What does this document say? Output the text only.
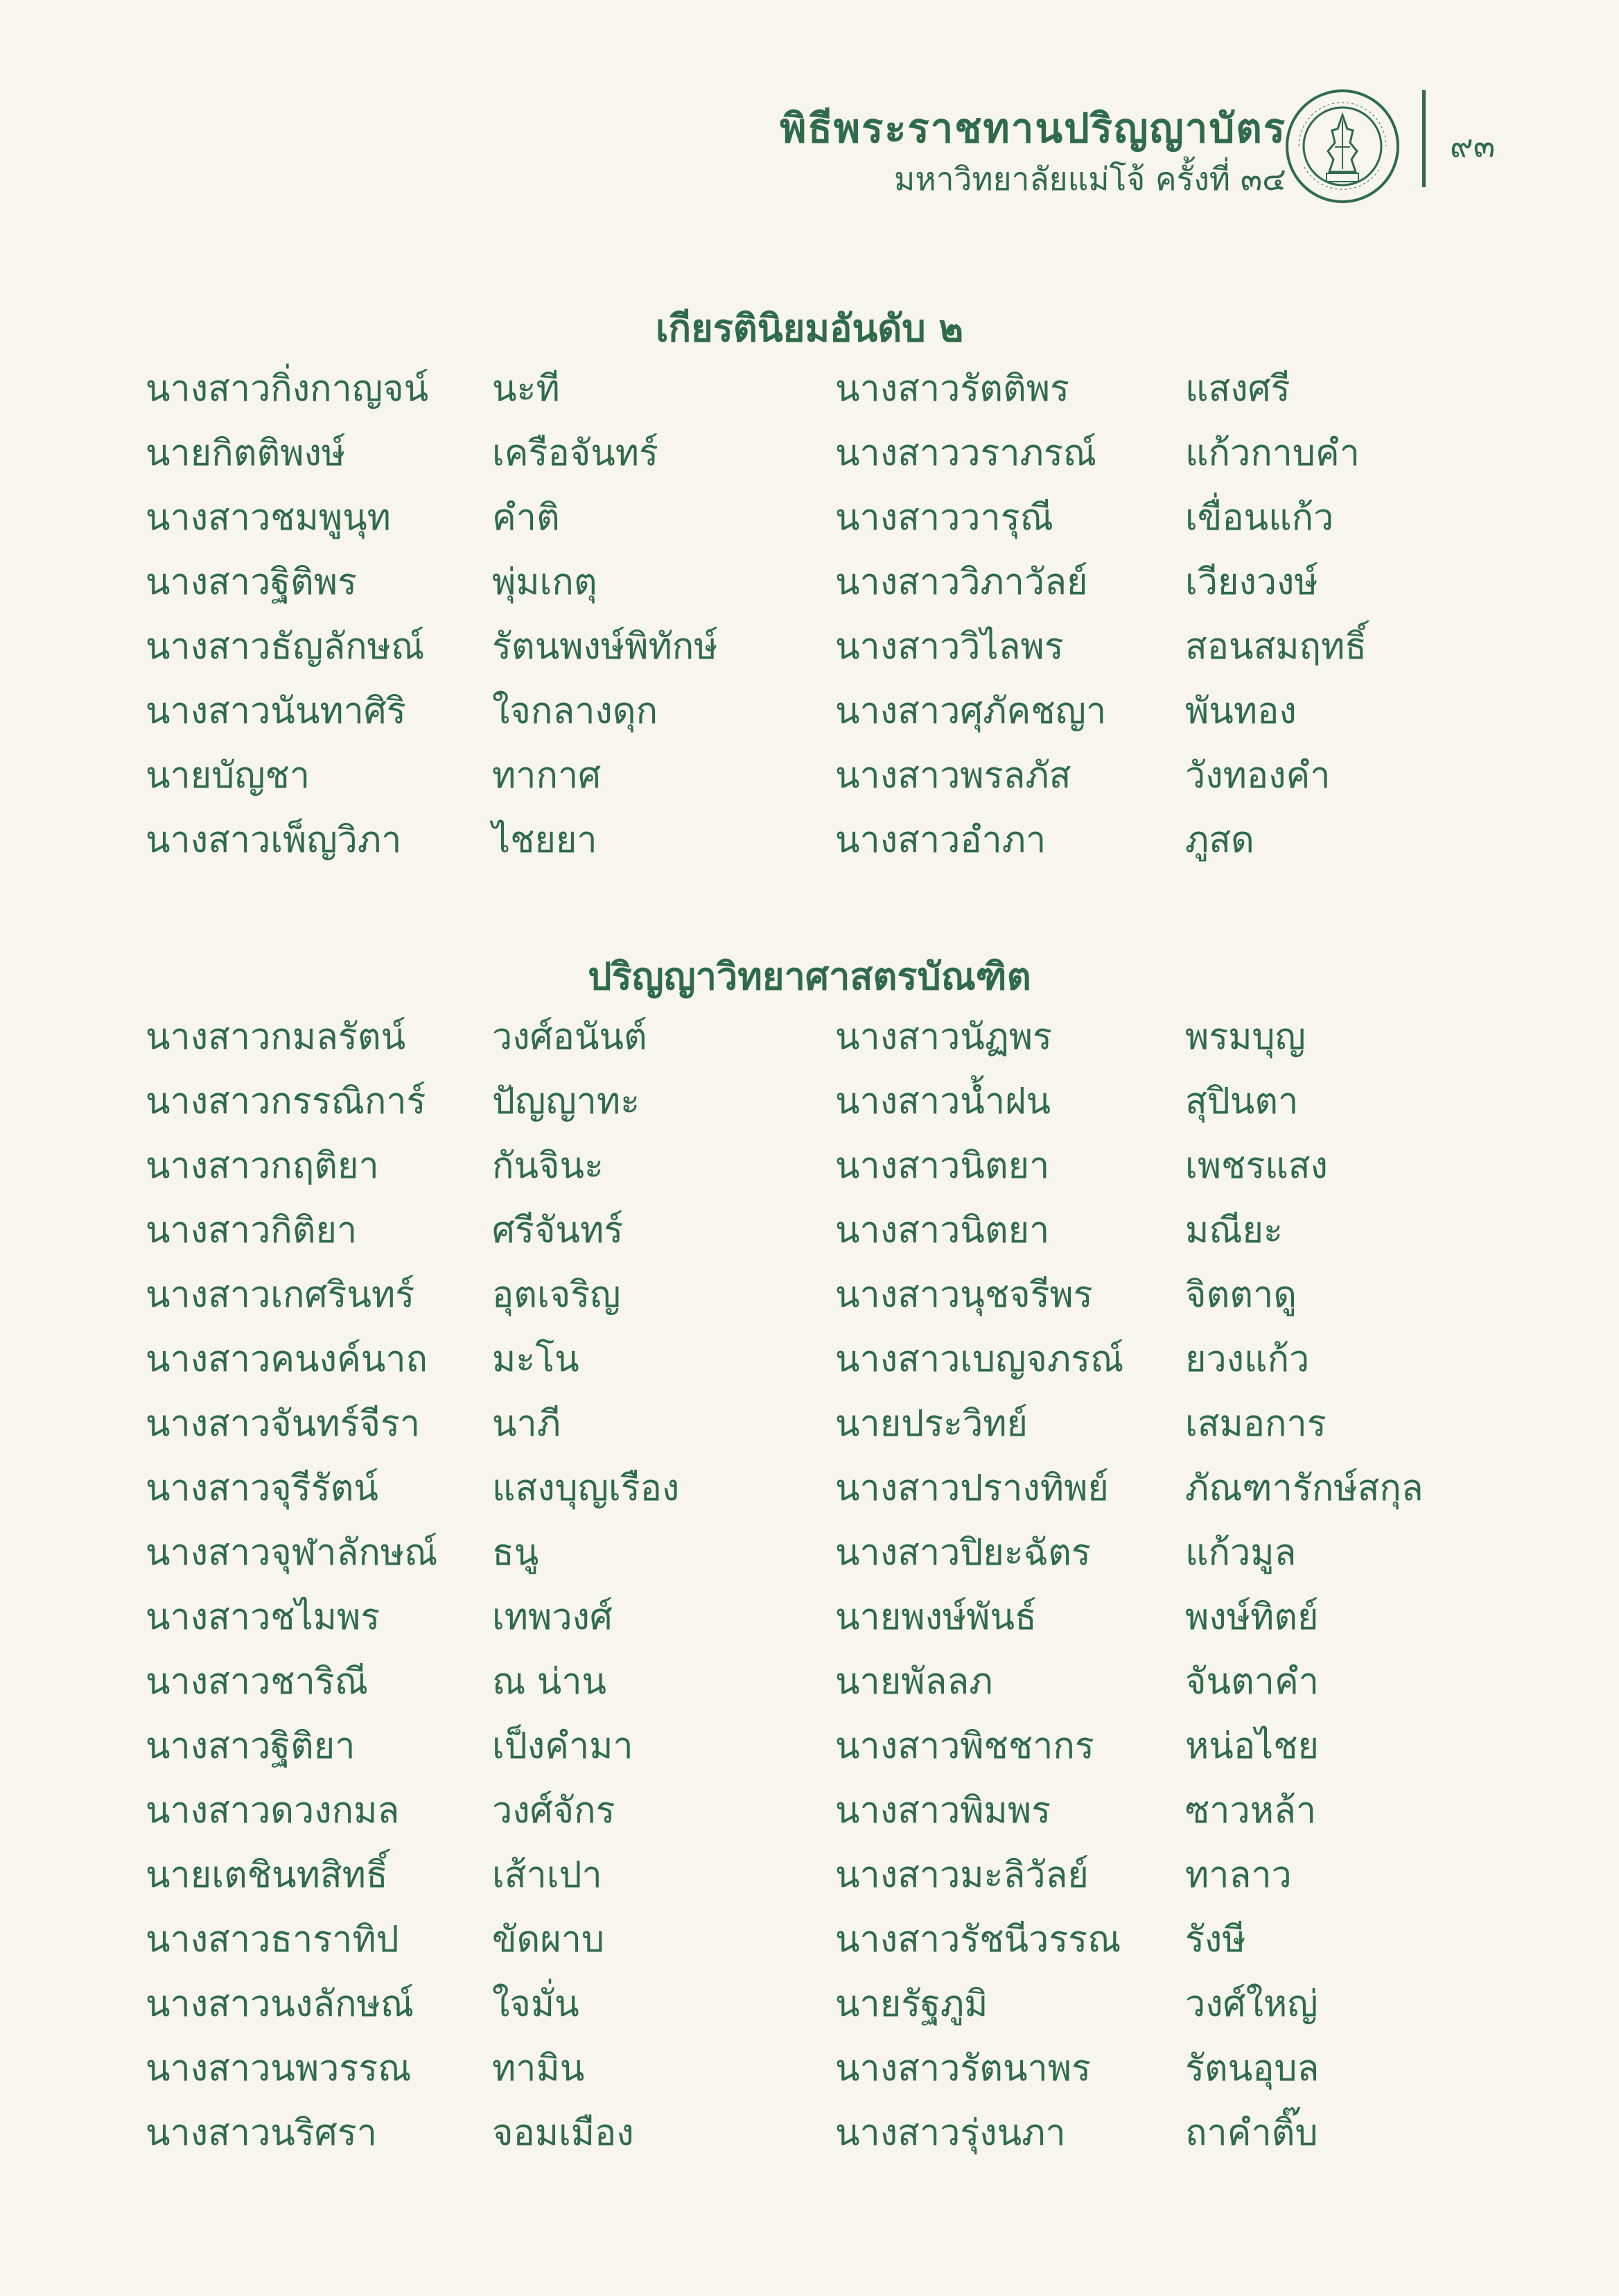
พิธีพระราชทานปริญญาบัตร
มหาวิทยาลัยแม่โจ้ ครั้งที่ ๓๔
๙๓
เกียรตินิยมอันดับ ๒
นางสาวกิ่งกาญจน์ นะที	นางสาวรัตติพร	แสงศรี
นายกิตติพงษ์	เครือจันทร์	นางสาววราภรณ์ แก้วกาบคำ
นางสาวชมพูนุท	คำติ	นางสาววารุณี	เขื่อนแก้ว
นางสาวฐิติพร	พุ่มเกตุ	นางสาววิภาวัลย์	เวียงวงษ์
นางสาวธัญลักษณ์ รัตนพงษ์พิทักษ์	นางสาววิไลพร	สอนสมฤทธิ์
นางสาวนันทาศิริ ใจกลางดุก	นางสาวศุภัคชญา พันทอง
นายบัญชา	ทากาศ	นางสาวพรลภัส	วังทองคำ
นางสาวเพ็ญวิภา	ไชยยา	นางสาวอำภา	ภูสด
ปริญญาวิทยาศาสตรบัณฑิต
นางสาวกมลรัตน์ วงศ์อนันต์	นางสาวนัฏพร	พรมบุญ
นางสาวกรรณิการ์ ปัญญาทะ	นางสาวน้ำฝน	สุปินตา
นางสาวกฤติยา	กันจินะ	นางสาวนิตยา	เพชรแสง
นางสาวกิติยา	ศรีจันทร์	นางสาวนิตยา	มณียะ
นางสาวเกศรินทร์ อุตเจริญ	นางสาวนุชจรีพร	จิตตาดู
นางสาวคนงค์นาถ มะโน	นางสาวเบญจภรณ์ ยวงแก้ว
นางสาวจันทร์จีรา นาภี	นายประวิทย์	เสมอการ
นางสาวจุรีรัตน์	แสงบุญเรือง	นางสาวปรางทิพย์ ภัณฑารักษ์สกุล
นางสาวจุฬาลักษณ์ ธนู	นางสาวปิยะฉัตร	แก้วมูล
นางสาวชไมพร	เทพวงศ์	นายพงษ์พันธ์	พงษ์ทิตย์
นางสาวชาริณี	ณ น่าน	นายพัลลภ	จันตาคำ
นางสาวฐิติยา	เป็งคำมา	นางสาวพิชชากร	หน่อไชย
นางสาวดวงกมล	วงศ์จักร	นางสาวพิมพร	ซาวหล้า
นายเตชินทสิทธิ์	เส้าเปา	นางสาวมะลิวัลย์	ทาลาว
นางสาวธาราทิป	ขัดผาบ	นางสาวรัชนีวรรณ รังษี
นางสาวนงลักษณ์ ใจมั่น	นายรัฐภูมิ	วงศ์ใหญ่
นางสาวนพวรรณ ทามิน	นางสาวรัตนาพร	รัตนอุบล
นางสาวนริศรา	จอมเมือง	นางสาวรุ่งนภา	ถาคำติ๊บ
